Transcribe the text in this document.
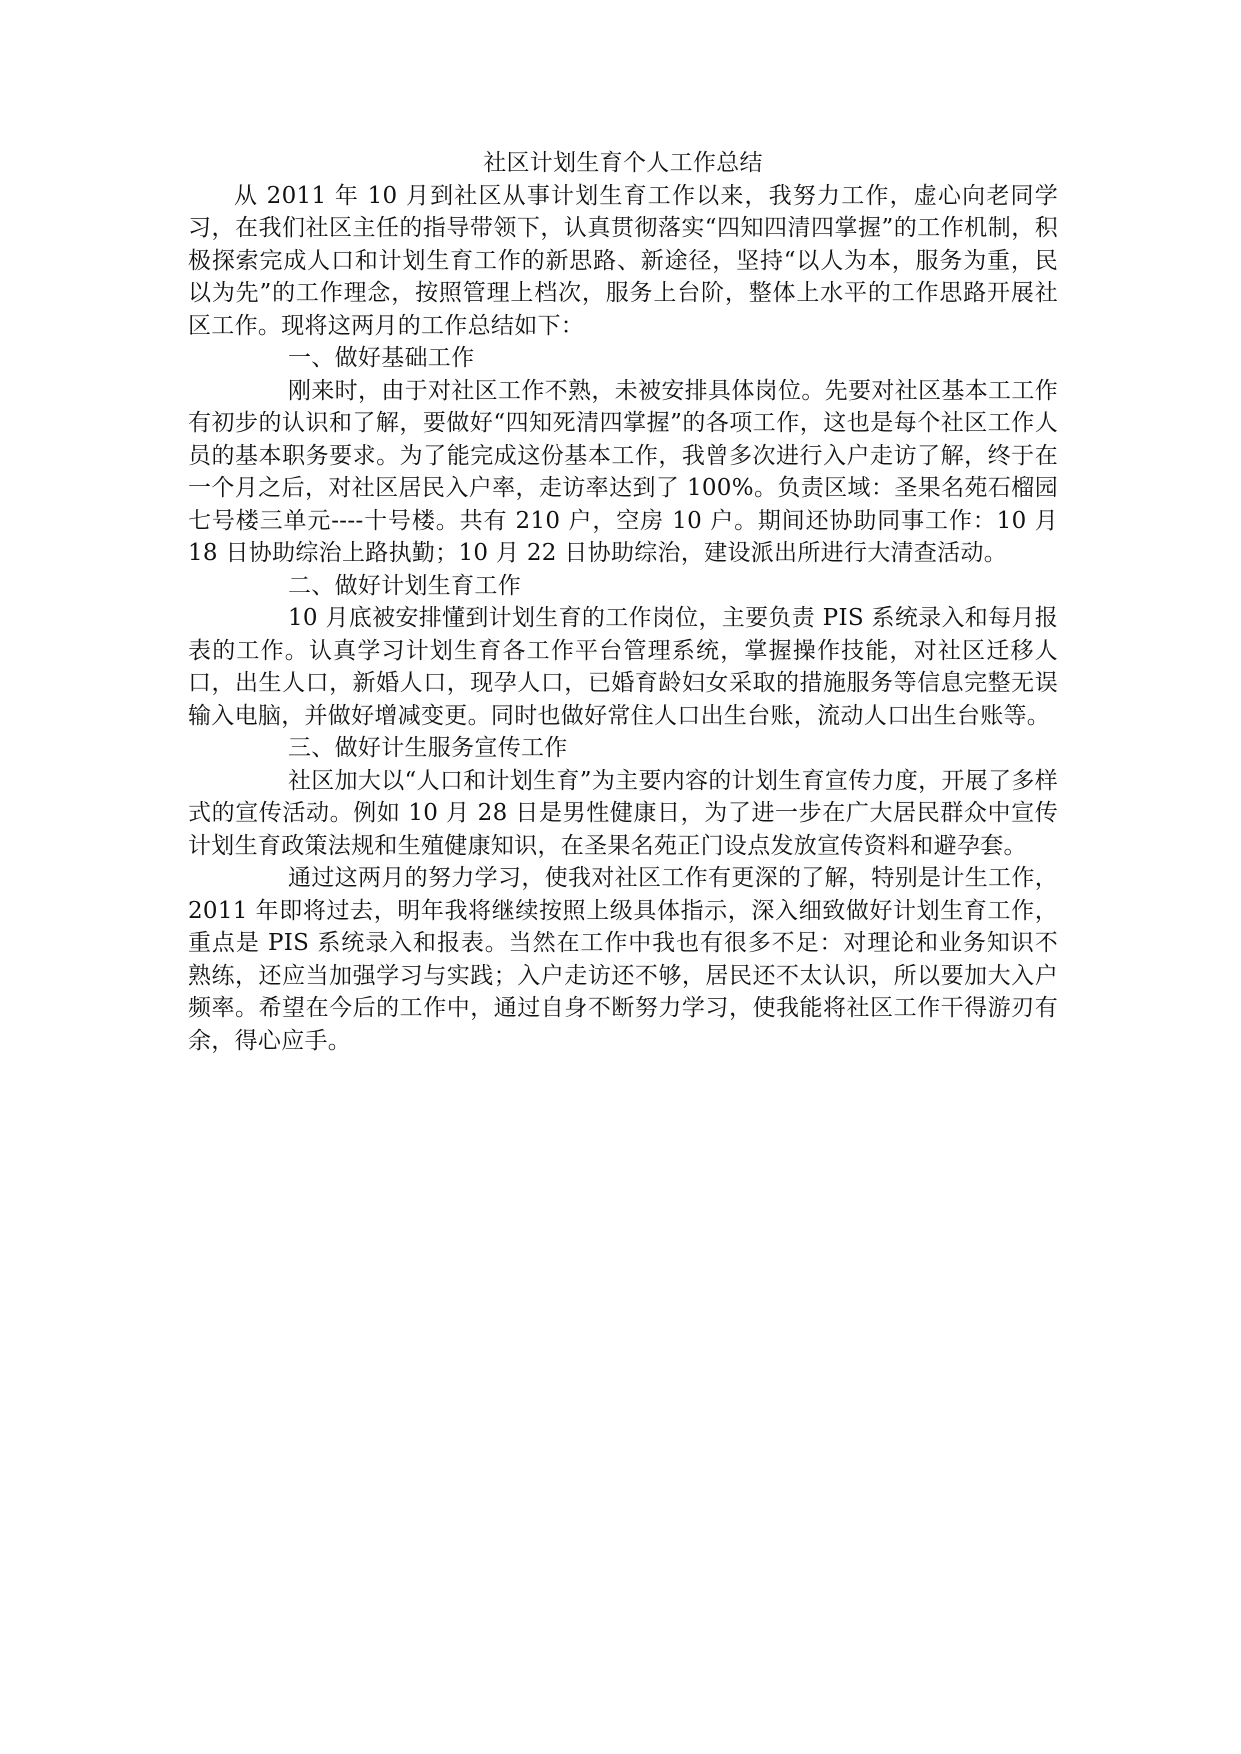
社区计划生育个人工作总结

从 2011 年 10 月到社区从事计划生育工作以来，我努力工作，虚心向老同学习，在我们社区主任的指导带领下，认真贯彻落实“四知四清四掌握”的工作机制，积极探索完成人口和计划生育工作的新思路、新途径，坚持“以人为本，服务为重，民以为先”的工作理念，按照管理上档次，服务上台阶，整体上水平的工作思路开展社区工作。现将这两月的工作总结如下：

一、做好基础工作

刚来时，由于对社区工作不熟，未被安排具体岗位。先要对社区基本工工作有初步的认识和了解，要做好“四知死清四掌握”的各项工作，这也是每个社区工作人员的基本职务要求。为了能完成这份基本工作，我曾多次进行入户走访了解，终于在一个月之后，对社区居民入户率，走访率达到了 100%。负责区域：圣果名苑石榴园七号楼三单元----十号楼。共有 210 户，空房 10 户。期间还协助同事工作：10 月 18 日协助综治上路执勤；10 月 22 日协助综治，建设派出所进行大清查活动。

二、做好计划生育工作

10 月底被安排懂到计划生育的工作岗位，主要负责 PIS 系统录入和每月报表的工作。认真学习计划生育各工作平台管理系统，掌握操作技能，对社区迁移人口，出生人口，新婚人口，现孕人口，已婚育龄妇女采取的措施服务等信息完整无误输入电脑，并做好增减变更。同时也做好常住人口出生台账，流动人口出生台账等。

三、做好计生服务宣传工作

社区加大以“人口和计划生育”为主要内容的计划生育宣传力度，开展了多样式的宣传活动。例如 10 月 28 日是男性健康日，为了进一步在广大居民群众中宣传计划生育政策法规和生殖健康知识，在圣果名苑正门设点发放宣传资料和避孕套。

通过这两月的努力学习，使我对社区工作有更深的了解，特别是计生工作，2011 年即将过去，明年我将继续按照上级具体指示，深入细致做好计划生育工作，重点是 PIS 系统录入和报表。当然在工作中我也有很多不足：对理论和业务知识不熟练，还应当加强学习与实践；入户走访还不够，居民还不太认识，所以要加大入户频率。希望在今后的工作中，通过自身不断努力学习，使我能将社区工作干得游刃有余，得心应手。
